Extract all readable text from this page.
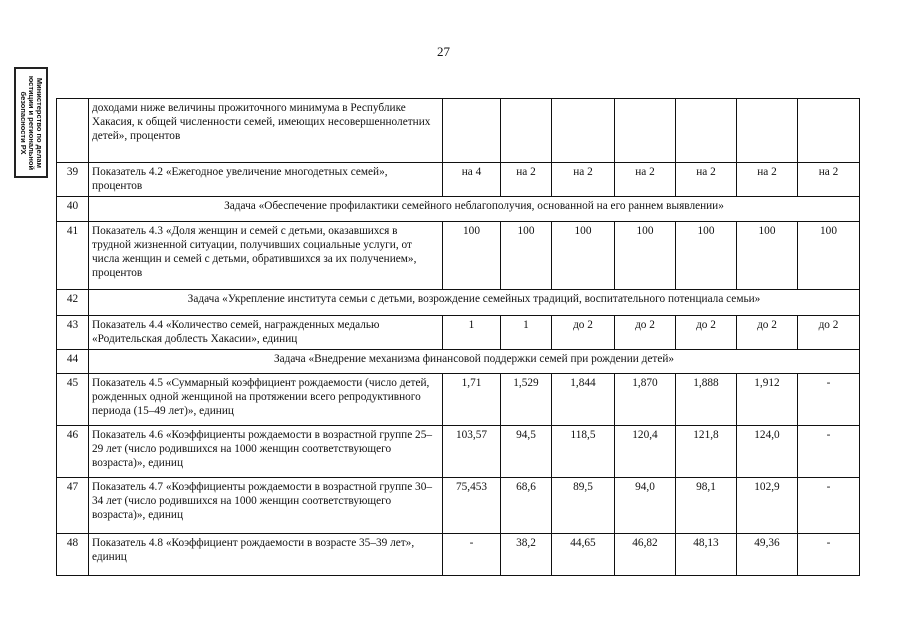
27
Министерство по делам
юстиции и региональной
безопасности РХ
		доходами ниже величины прожиточного минимума в Республике Хакасия, к общей численности семей, имеющих несовершеннолетних детей», процентов							
39	Показатель 4.2 «Ежегодное увеличение многодетных семей», процентов	на 4	на 2	на 2	на 2	на 2	на 2	на 2
40	Задача «Обеспечение профилактики семейного неблагополучия, основанной на его раннем выявлении»							
41	Показатель 4.3 «Доля женщин и семей с детьми, оказавшихся в трудной жизненной ситуации, получивших социальные услуги, от числа женщин и семей с детьми, обратившихся за их получением», процентов	100	100	100	100	100	100	100
42	Задача «Укрепление института семьи с детьми, возрождение семейных традиций, воспитательного потенциала семьи»							
43	Показатель 4.4 «Количество семей, награжденных медалью «Родительская доблесть Хакасии», единиц	1	1	до 2	до 2	до 2	до 2	до 2
44	Задача «Внедрение механизма финансовой поддержки семей при рождении детей»							
45	Показатель 4.5 «Суммарный коэффициент рождаемости (число детей, рожденных одной женщиной на протяжении всего репродуктивного периода (15–49 лет)», единиц	1,71	1,529	1,844	1,870	1,888	1,912	-
46	Показатель 4.6 «Коэффициенты рождаемости в возрастной группе 25–29 лет (число родившихся на 1000 женщин соответствующего возраста)», единиц	103,57	94,5	118,5	120,4	121,8	124,0	-
47	Показатель 4.7 «Коэффициенты рождаемости в возрастной группе 30–34 лет (число родившихся на 1000 женщин соответствующего возраста)», единиц	75,453	68,6	89,5	94,0	98,1	102,9	-
48	Показатель 4.8 «Коэффициент рождаемости в возрасте 35–39 лет», единиц	-	38,2	44,65	46,82	48,13	49,36	-
